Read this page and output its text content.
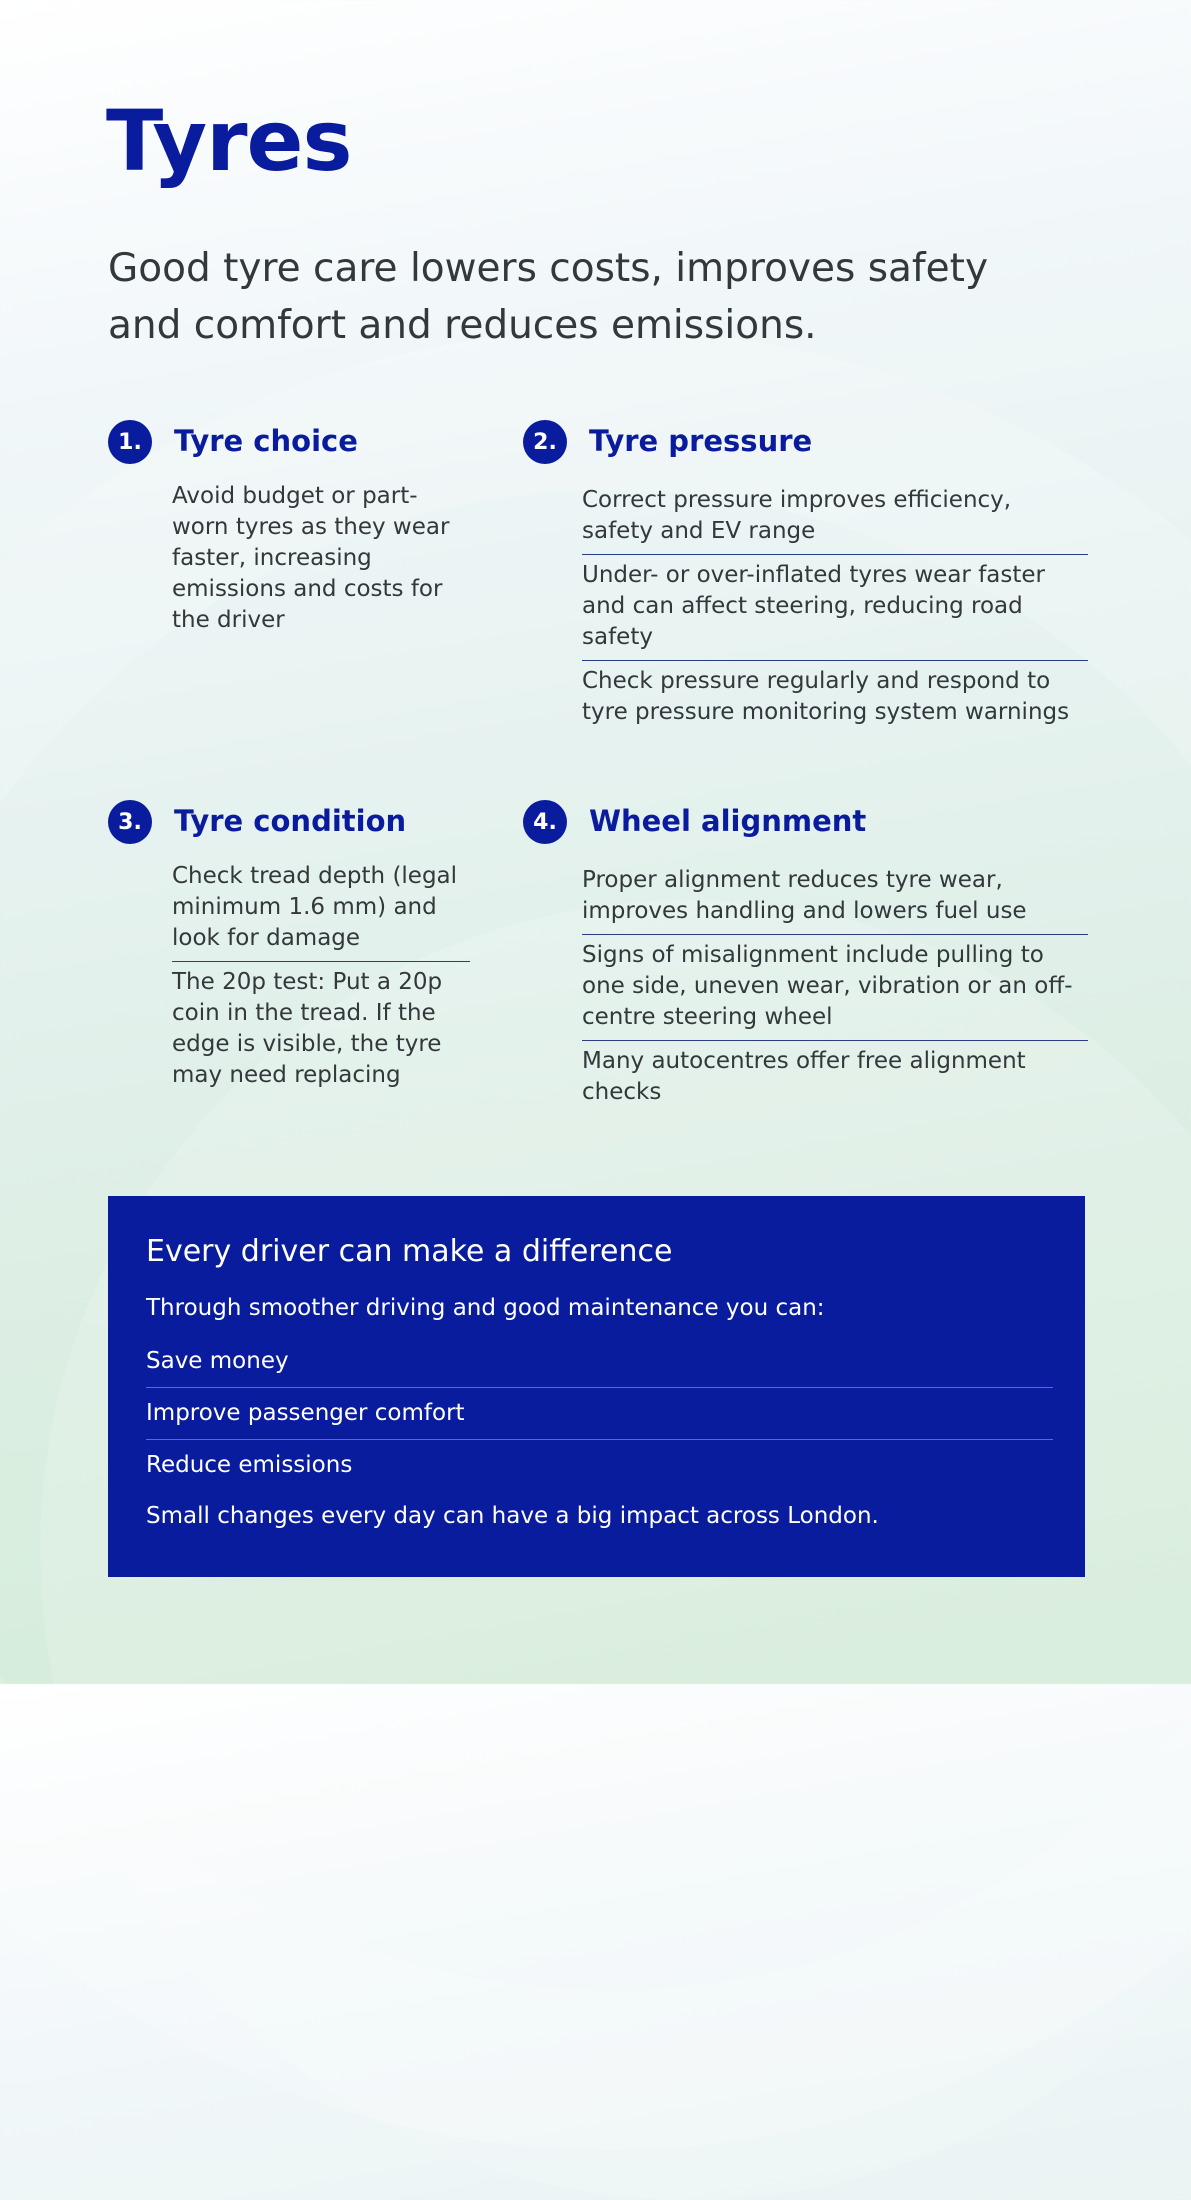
Tyres

Good tyre care lowers costs, improves safety and comfort and reduces emissions.

1.	Tyre choice
Avoid budget or part-worn tyres as they wear faster, increasing emissions and costs for the driver
2.	Tyre pressure
Correct pressure improves efficiency, safety and EV range
Under- or over-inflated tyres wear faster and can affect steering, reducing road safety
Check pressure regularly and respond to tyre pressure monitoring system warnings
3.	Tyre condition
Check tread depth (legal minimum 1.6 mm) and look for damage
The 20p test: Put a 20p coin in the tread. If the edge is visible, the tyre may need replacing
4.	Wheel alignment
Proper alignment reduces tyre wear, improves handling and lowers fuel use
Signs of misalignment include pulling to one side, uneven wear, vibration or an off-centre steering wheel
Many autocentres offer free alignment checks
Every driver can make a difference

Through smoother driving and good maintenance you can:

Save money
Improve passenger comfort
Reduce emissions

Small changes every day can have a big impact across London.
